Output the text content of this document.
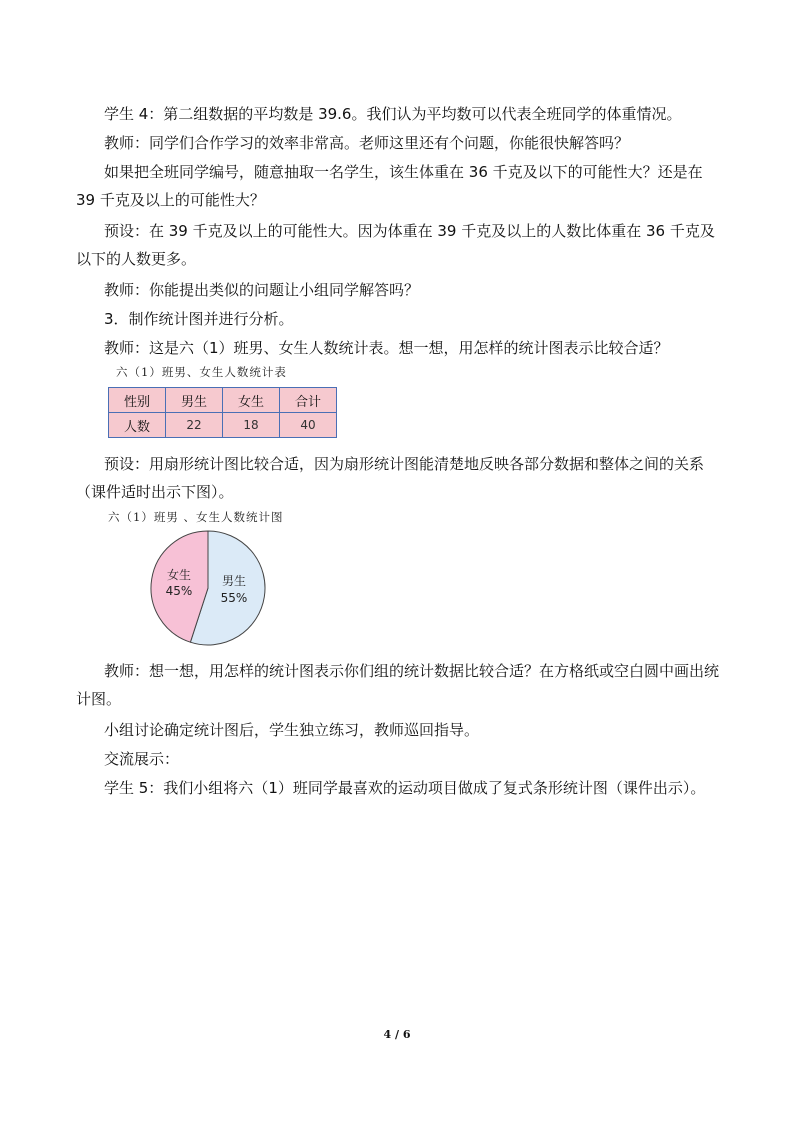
学生 4：第二组数据的平均数是 39.6。我们认为平均数可以代表全班同学的体重情况。

教师：同学们合作学习的效率非常高。老师这里还有个问题，你能很快解答吗？

如果把全班同学编号，随意抽取一名学生，该生体重在 36 千克及以下的可能性大？还是在 39 千克及以上的可能性大？

预设：在 39 千克及以上的可能性大。因为体重在 39 千克及以上的人数比体重在 36 千克及以下的人数更多。

教师：你能提出类似的问题让小组同学解答吗？

3．制作统计图并进行分析。

教师：这是六（1）班男、女生人数统计表。想一想，用怎样的统计图表示比较合适？

六（1）班男、女生人数统计表

性别	男生	女生	合计
人数	22	18	40

预设：用扇形统计图比较合适，因为扇形统计图能清楚地反映各部分数据和整体之间的关系（课件适时出示下图）。

六（1）班男 、女生人数统计图

男生
55%
女生
45%

教师：想一想，用怎样的统计图表示你们组的统计数据比较合适？在方格纸或空白圆中画出统计图。

小组讨论确定统计图后，学生独立练习，教师巡回指导。

交流展示：

学生 5：我们小组将六（1）班同学最喜欢的运动项目做成了复式条形统计图（课件出示）。

4 / 6
